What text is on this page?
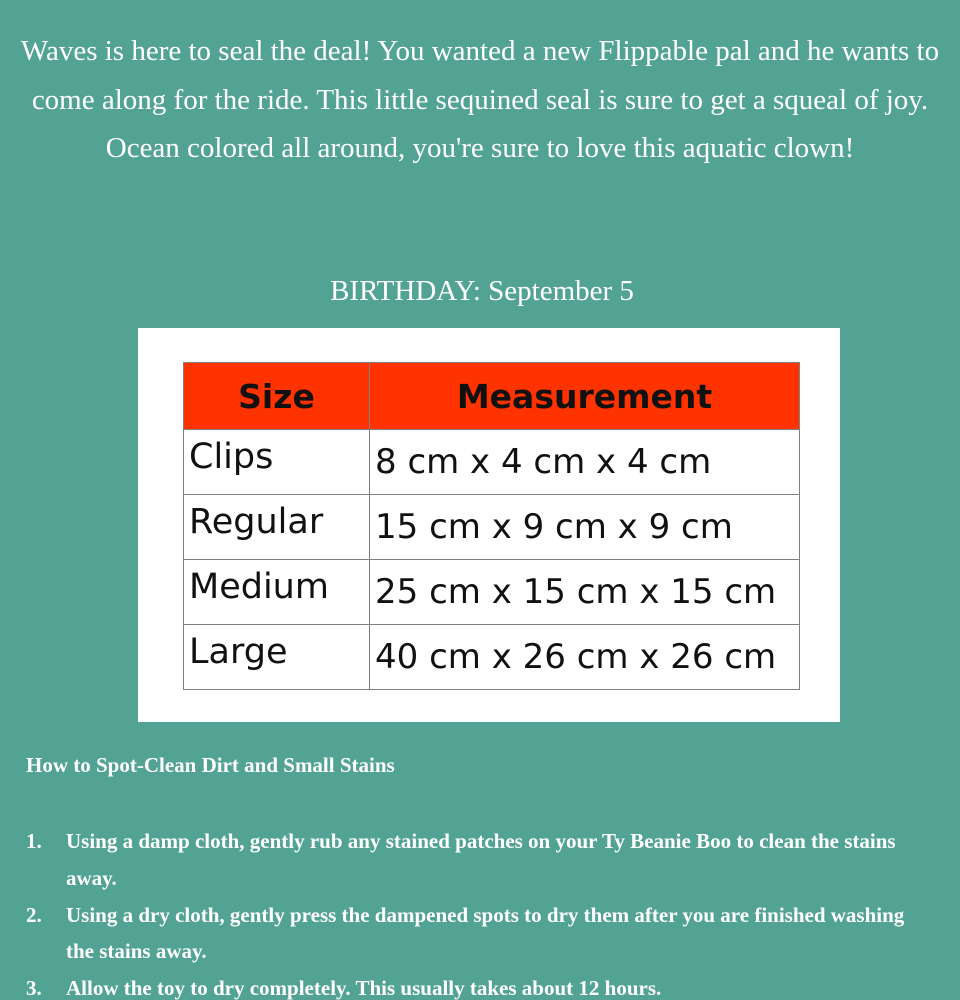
Waves is here to seal the deal! You wanted a new Flippable pal and he wants to come along for the ride. This little sequined seal is sure to get a squeal of joy. Ocean colored all around, you're sure to love this aquatic clown!
BIRTHDAY: September 5
Size	Measurement
Clips	8 cm x 4 cm x 4 cm
Regular	15 cm x 9 cm x 9 cm
Medium	25 cm x 15 cm x 15 cm
Large	40 cm x 26 cm x 26 cm
How to Spot-Clean Dirt and Small Stains
1. Using a damp cloth, gently rub any stained patches on your Ty Beanie Boo to clean the stains away.
2. Using a dry cloth, gently press the dampened spots to dry them after you are finished washing the stains away.
3. Allow the toy to dry completely. This usually takes about 12 hours.
